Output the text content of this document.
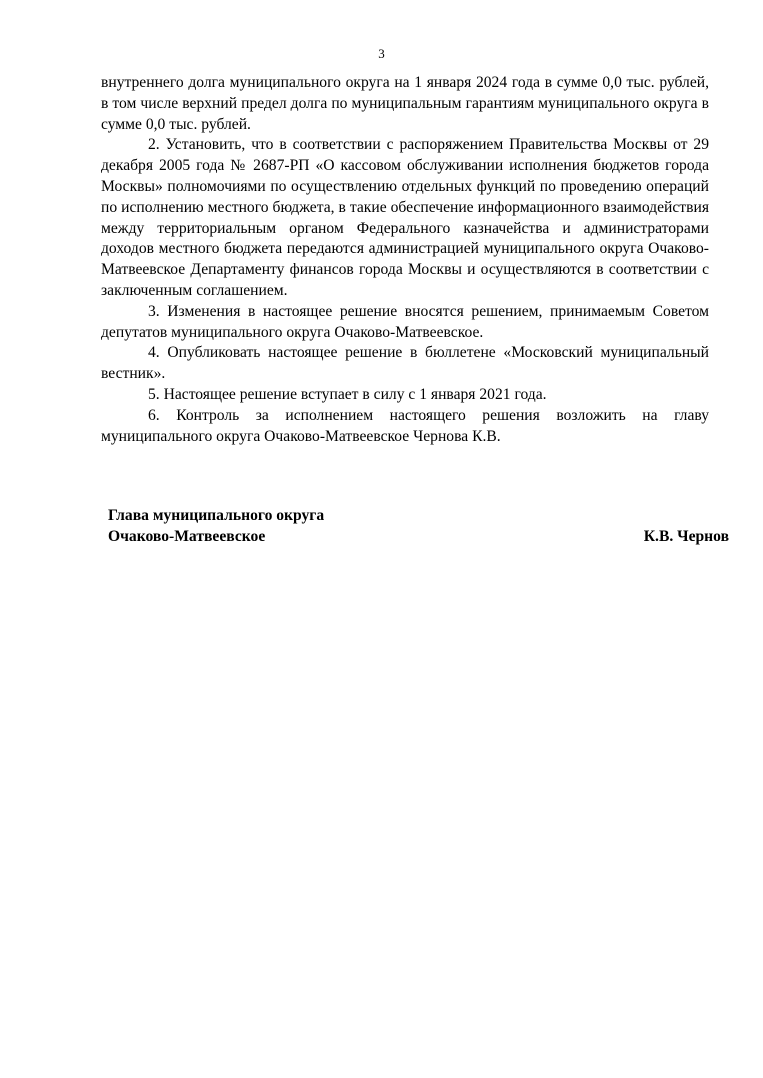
3

внутреннего долга муниципального округа на 1 января 2024 года в сумме 0,0 тыс. рублей, в том числе верхний предел долга по муниципальным гарантиям муниципального округа в сумме 0,0 тыс. рублей.

2. Установить, что в соответствии с распоряжением Правительства Москвы от 29 декабря 2005 года № 2687-РП «О кассовом обслуживании исполнения бюджетов города Москвы» полномочиями по осуществлению отдельных функций по проведению операций по исполнению местного бюджета, в такие обеспечение информационного взаимодействия между территориальным органом Федерального казначейства и администраторами доходов местного бюджета передаются администрацией муниципального округа Очаково-Матвеевское Департаменту финансов города Москвы и осуществляются в соответствии с заключенным соглашением.

3. Изменения в настоящее решение вносятся решением, принимаемым Советом депутатов муниципального округа Очаково-Матвеевское.

4. Опубликовать настоящее решение в бюллетене «Московский муниципальный вестник».

5. Настоящее решение вступает в силу с 1 января 2021 года.

6. Контроль за исполнением настоящего решения возложить на главу муниципального округа Очаково-Матвеевское Чернова К.В.

Глава муниципального округа
Очаково-Матвеевское	К.В. Чернов
